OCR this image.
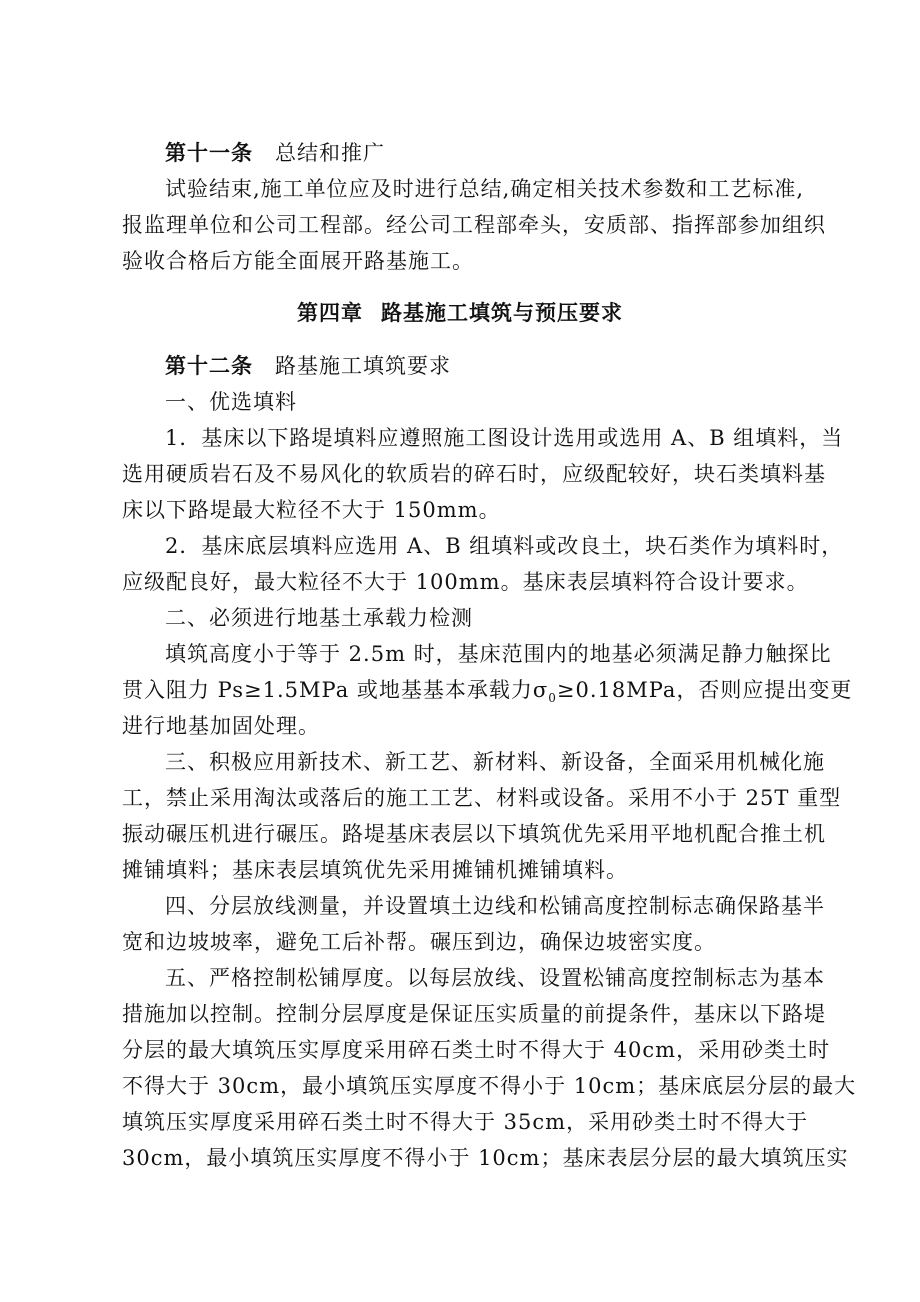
第十一条 总结和推广
试验结束,施工单位应及时进行总结,确定相关技术参数和工艺标准,
报监理单位和公司工程部。经公司工程部牵头，安质部、指挥部参加组织
验收合格后方能全面展开路基施工。
第四章 路基施工填筑与预压要求
第十二条 路基施工填筑要求
一、优选填料
1．基床以下路堤填料应遵照施工图设计选用或选用 A、B 组填料，当
选用硬质岩石及不易风化的软质岩的碎石时，应级配较好，块石类填料基
床以下路堤最大粒径不大于 150mm。
2．基床底层填料应选用 A、B 组填料或改良土，块石类作为填料时，
应级配良好，最大粒径不大于 100mm。基床表层填料符合设计要求。
二、必须进行地基土承载力检测
填筑高度小于等于 2.5m 时，基床范围内的地基必须满足静力触探比
贯入阻力 Ps≥1.5MPa 或地基基本承载力$\sigma_0\ge 0.18MPa$，否则应提出变更
进行地基加固处理。
三、积极应用新技术、新工艺、新材料、新设备，全面采用机械化施
工，禁止采用淘汰或落后的施工工艺、材料或设备。采用不小于 25T 重型
振动碾压机进行碾压。路堤基床表层以下填筑优先采用平地机配合推土机
摊铺填料；基床表层填筑优先采用摊铺机摊铺填料。
四、分层放线测量，并设置填土边线和松铺高度控制标志确保路基半
宽和边坡坡率，避免工后补帮。碾压到边，确保边坡密实度。
五、严格控制松铺厚度。以每层放线、设置松铺高度控制标志为基本
措施加以控制。控制分层厚度是保证压实质量的前提条件，基床以下路堤
分层的最大填筑压实厚度采用碎石类土时不得大于 40cm，采用砂类土时
不得大于 30cm，最小填筑压实厚度不得小于 10cm；基床底层分层的最大
填筑压实厚度采用碎石类土时不得大于 35cm，采用砂类土时不得大于
30cm，最小填筑压实厚度不得小于 10cm；基床表层分层的最大填筑压实
